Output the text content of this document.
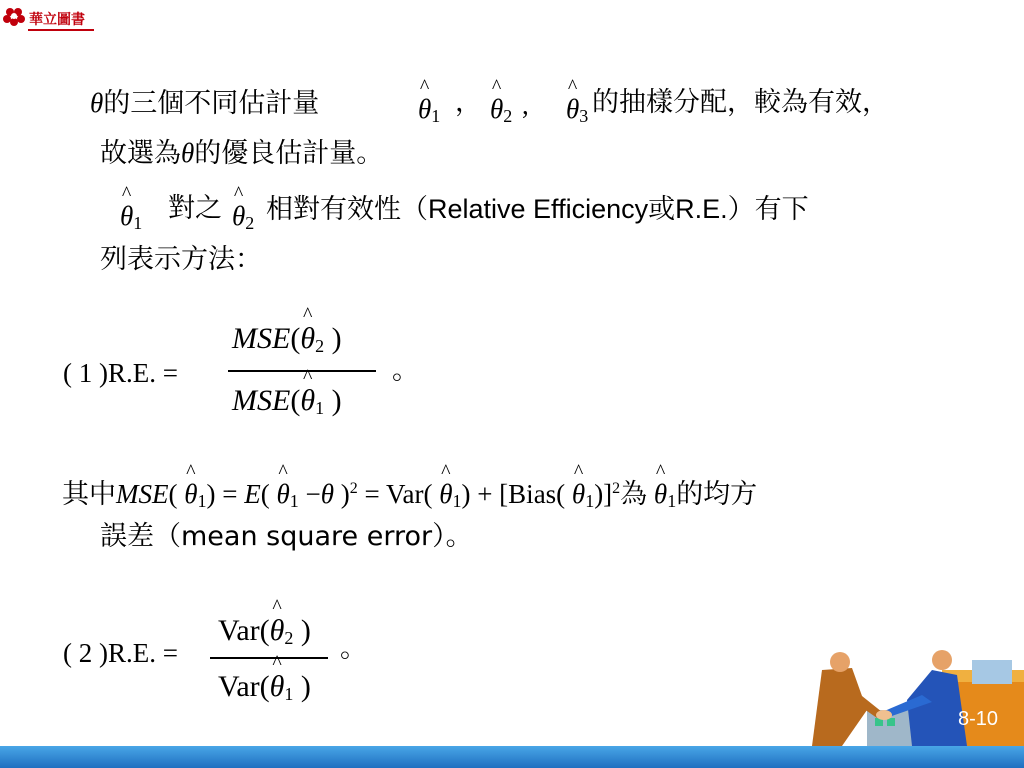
華立圖書
θ的三個不同估計量	^ $\theta_1$ ， ^ $\theta_2$ , ^ $\theta_3$ 的抽樣分配，較為有效，
故選為θ的優良估計量。
^ $\theta_1$ 對之 ^ $\theta_2$ 相對有效性（Relative Efficiency或R.E.）有下
列表示方法：
( 1 )R.E. =
MSE(^ $\theta_2$ )
MSE(^ $\theta_1$ )
。
其中MSE( ^ $\theta_1) = E$( ^ $\theta_1 -\theta$ )$^2$ = Var( ^ $\theta_1$) + [Bias( ^ $\theta_1)]^2$為 ^ $\theta_1$的均方
誤差（mean square error）。
( 2 )R.E. =
Var(^ $\theta_2$ )
Var(^ $\theta_1$ )
。
8-10
